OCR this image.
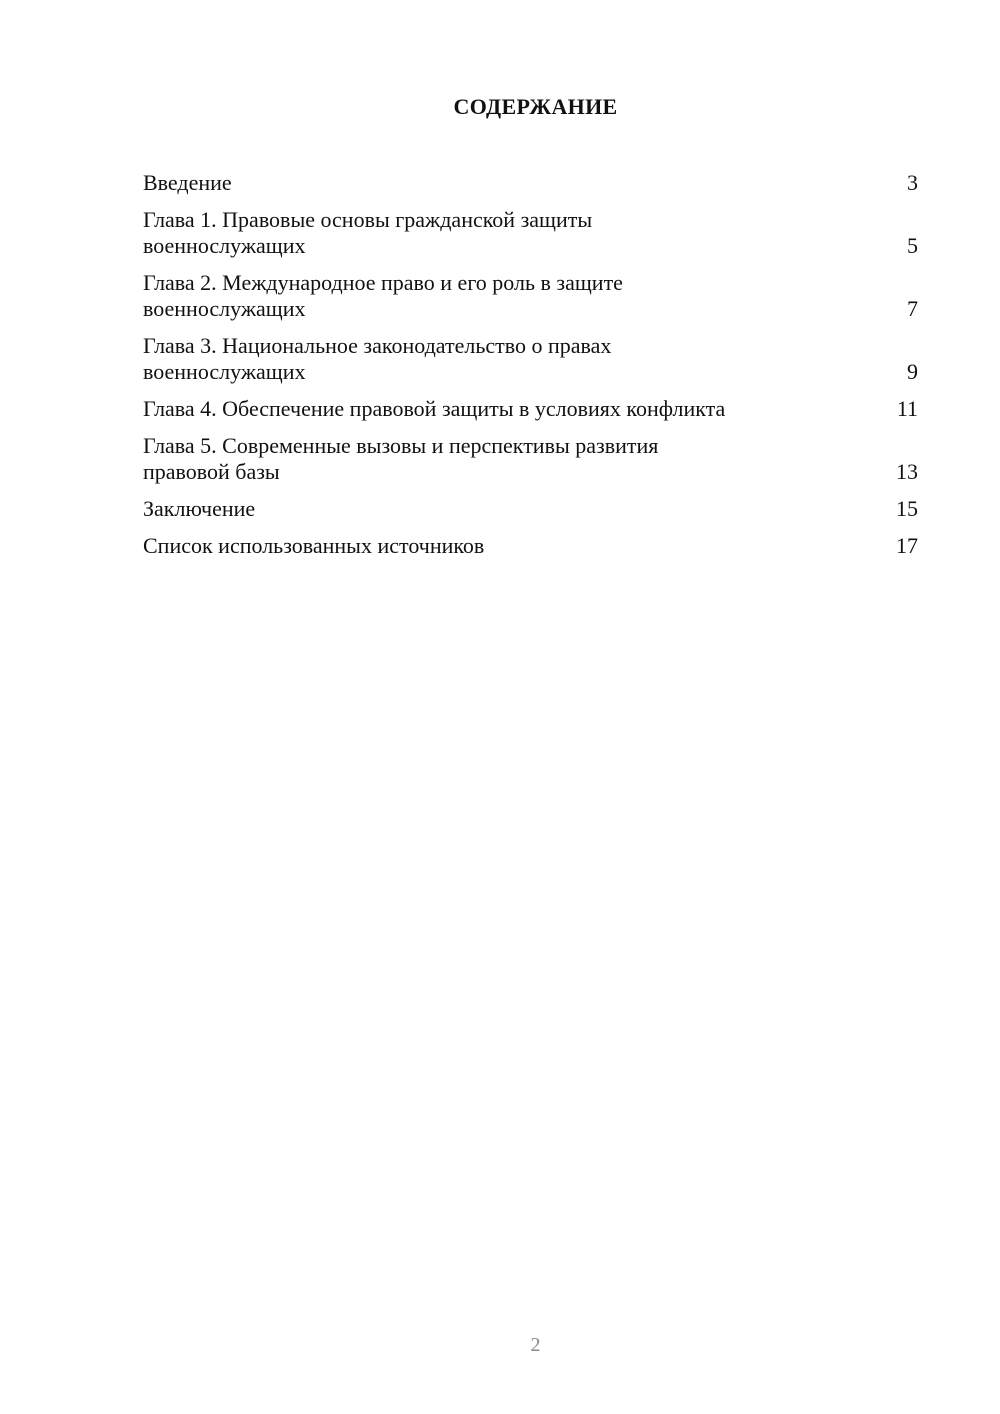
СОДЕРЖАНИЕ
Введение	3
Глава 1. Правовые основы гражданской защиты военнослужащих	5
Глава 2. Международное право и его роль в защите военнослужащих	7
Глава 3. Национальное законодательство о правах военнослужащих	9
Глава 4. Обеспечение правовой защиты в условиях конфликта	11
Глава 5. Современные вызовы и перспективы развития правовой базы	13
Заключение	15
Список использованных источников	17
2
